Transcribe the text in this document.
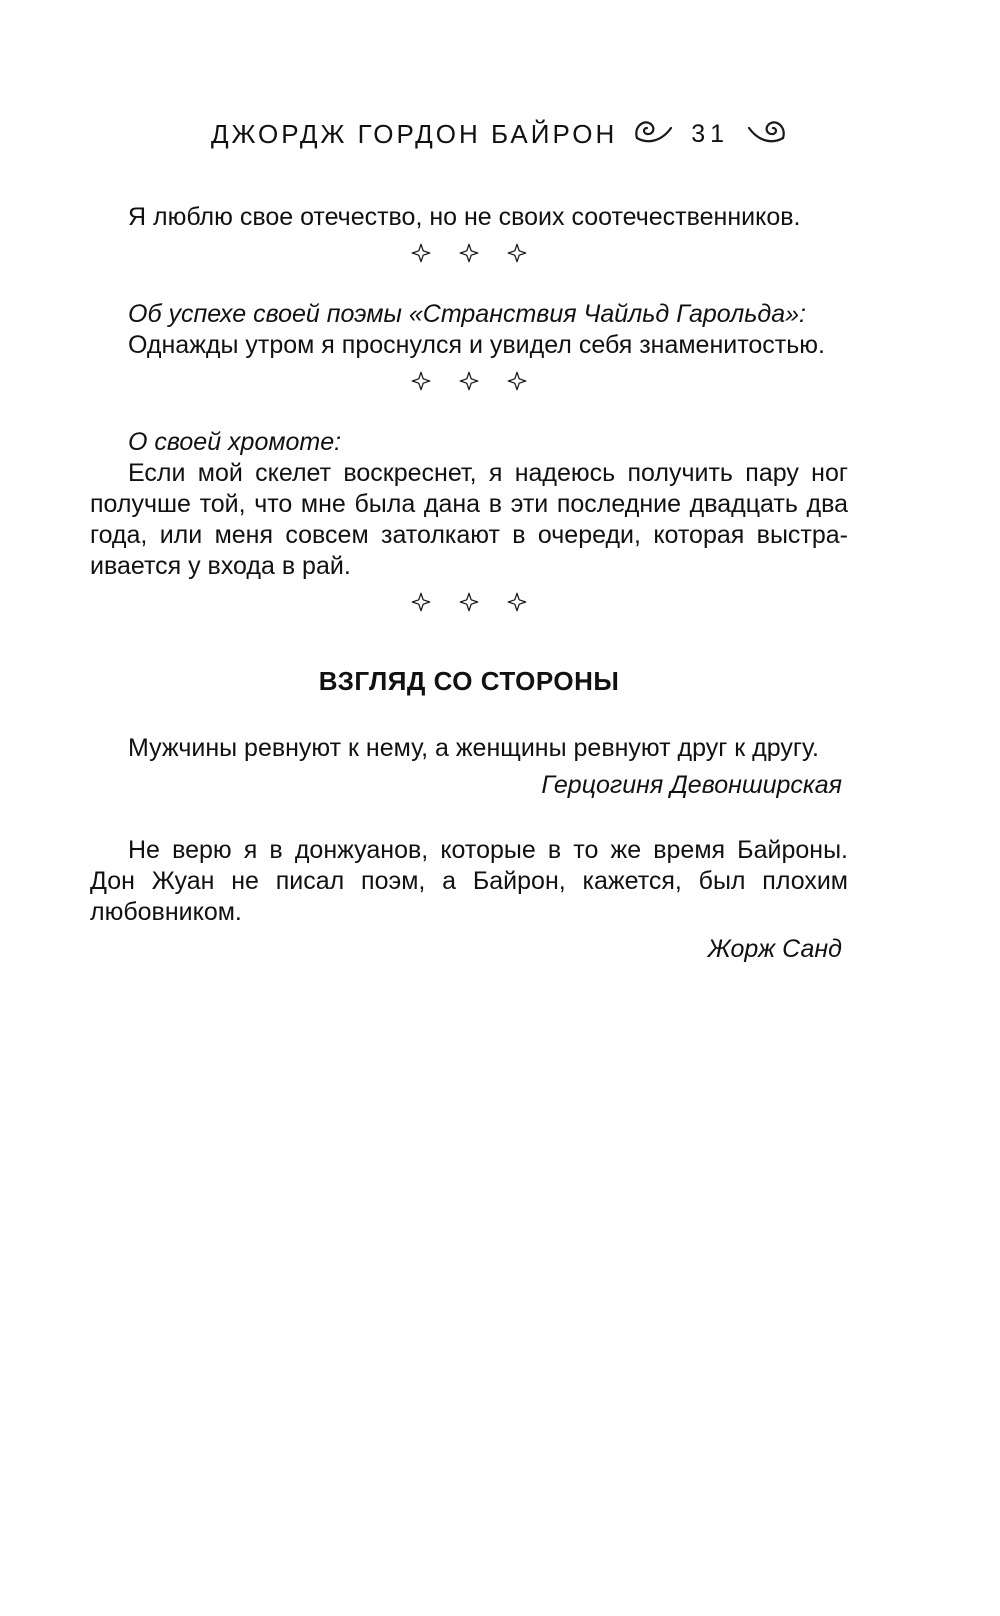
ДЖОРДЖ ГОРДОН БАЙРОН	31

Я люблю свое отечество, но не своих соотечественников.

Об успехе своей поэмы «Странствия Чайльд Гарольда»:

Однажды утром я проснулся и увидел себя знаменитостью.

О своей хромоте:

Если мой скелет воскреснет, я надеюсь получить пару ног получше той, что мне была дана в эти последние двадцать два года, или меня совсем затолкают в очереди, которая выстраивается у входа в рай.

ВЗГЛЯД СО СТОРОНЫ

Мужчины ревнуют к нему, а женщины ревнуют друг к другу.

Герцогиня Девонширская

Не верю я в донжуанов, которые в то же время Байроны. Дон Жуан не писал поэм, а Байрон, кажется, был плохим любовником.

Жорж Санд
